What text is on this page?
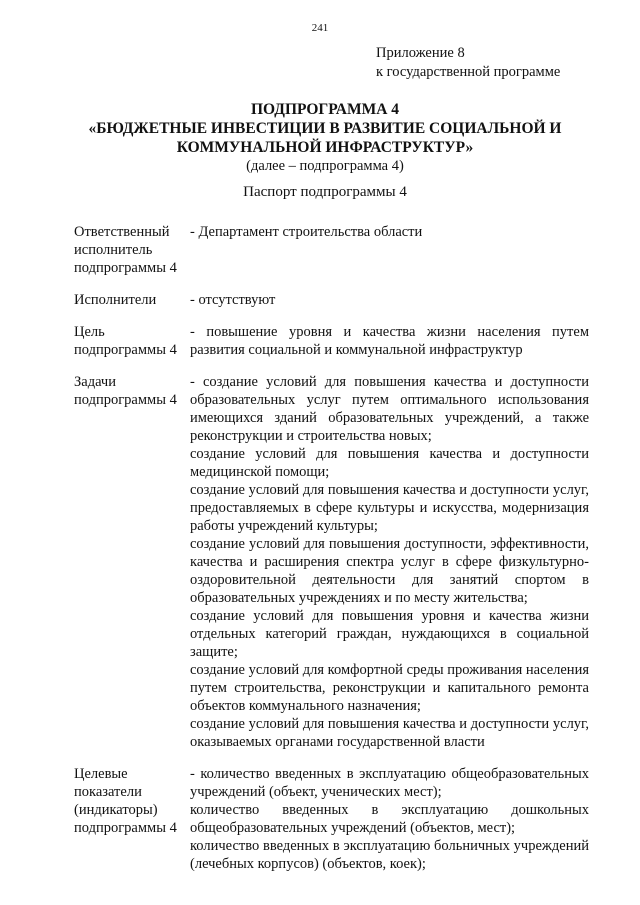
241
Приложение 8
к государственной программе
ПОДПРОГРАММА 4
«БЮДЖЕТНЫЕ ИНВЕСТИЦИИ В РАЗВИТИЕ СОЦИАЛЬНОЙ И
КОММУНАЛЬНОЙ ИНФРАСТРУКТУР»
(далее – подпрограмма 4)
Паспорт подпрограммы 4
Ответственный
исполнитель
подпрограммы 4
- Департамент строительства области
Исполнители	- отсутствуют
Цель
подпрограммы 4
- повышение уровня и качества жизни населения путем развития социальной и коммунальной инфраструктур
Задачи
подпрограммы 4
- создание условий для повышения качества и доступности образовательных услуг путем оптимального использования имеющихся зданий образовательных учреждений, а также реконструкции и строительства новых;
создание условий для повышения качества и доступности медицинской помощи;
создание условий для повышения качества и доступности услуг, предоставляемых в сфере культуры и искусства, модернизация работы учреждений культуры;
создание условий для повышения доступности, эффективности, качества и расширения спектра услуг в сфере физкультурно-оздоровительной деятельности для занятий спортом в образовательных учреждениях и по месту жительства;
создание условий для повышения уровня и качества жизни отдельных категорий граждан, нуждающихся в социальной защите;
создание условий для комфортной среды проживания населения путем строительства, реконструкции и капитального ремонта объектов коммунального назначения;
создание условий для повышения качества и доступности услуг, оказываемых органами государственной власти
Целевые
показатели
(индикаторы)
подпрограммы 4
- количество введенных в эксплуатацию общеобразовательных учреждений (объект, ученических мест);
количество введенных в эксплуатацию дошкольных общеобразовательных учреждений (объектов, мест);
количество введенных в эксплуатацию больничных учреждений (лечебных корпусов) (объектов, коек);
